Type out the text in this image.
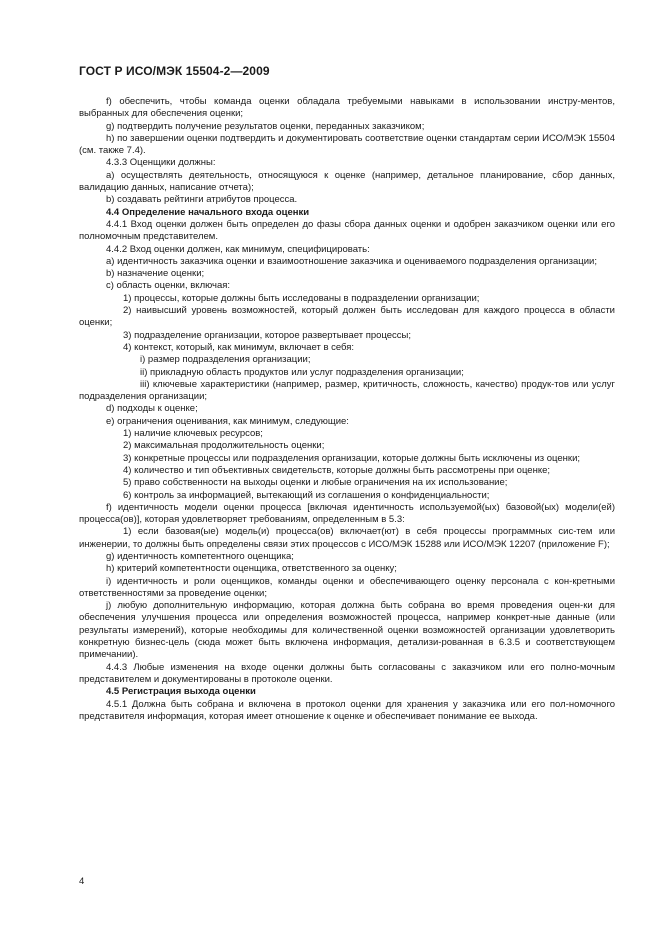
ГОСТ Р ИСО/МЭК 15504-2—2009

f) обеспечить, чтобы команда оценки обладала требуемыми навыками в использовании инстру-ментов, выбранных для обеспечения оценки;

g) подтвердить получение результатов оценки, переданных заказчиком;

h) по завершении оценки подтвердить и документировать соответствие оценки стандартам серии ИСО/МЭК 15504 (см. также 7.4).

4.3.3 Оценщики должны:

a) осуществлять деятельность, относящуюся к оценке (например, детальное планирование, сбор данных, валидацию данных, написание отчета);

b) создавать рейтинги атрибутов процесса.

4.4 Определение начального входа оценки

4.4.1 Вход оценки должен быть определен до фазы сбора данных оценки и одобрен заказчиком оценки или его полномочным представителем.

4.4.2 Вход оценки должен, как минимум, специфицировать:

a) идентичность заказчика оценки и взаимоотношение заказчика и оцениваемого подразделения организации;

b) назначение оценки;

c) область оценки, включая:

1) процессы, которые должны быть исследованы в подразделении организации;

2) наивысший уровень возможностей, который должен быть исследован для каждого процесса в области оценки;

3) подразделение организации, которое развертывает процессы;

4) контекст, который, как минимум, включает в себя:

i) размер подразделения организации;

ii) прикладную область продуктов или услуг подразделения организации;

iii) ключевые характеристики (например, размер, критичность, сложность, качество) продук-тов или услуг подразделения организации;

d) подходы к оценке;

e) ограничения оценивания, как минимум, следующие:

1) наличие ключевых ресурсов;

2) максимальная продолжительность оценки;

3) конкретные процессы или подразделения организации, которые должны быть исключены из оценки;

4) количество и тип объективных свидетельств, которые должны быть рассмотрены при оценке;

5) право собственности на выходы оценки и любые ограничения на их использование;

6) контроль за информацией, вытекающий из соглашения о конфиденциальности;

f) идентичность модели оценки процесса [включая идентичность используемой(ых) базовой(ых) модели(ей) процесса(ов)], которая удовлетворяет требованиям, определенным в 5.3:

1) если базовая(ые) модель(и) процесса(ов) включает(ют) в себя процессы программных сис-тем или инженерии, то должны быть определены связи этих процессов с ИСО/МЭК 15288 или ИСО/МЭК 12207 (приложение F);

g) идентичность компетентного оценщика;

h) критерий компетентности оценщика, ответственного за оценку;

i) идентичность и роли оценщиков, команды оценки и обеспечивающего оценку персонала с кон-кретными ответственностями за проведение оценки;

j) любую дополнительную информацию, которая должна быть собрана во время проведения оцен-ки для обеспечения улучшения процесса или определения возможностей процесса, например конкрет-ные данные (или результаты измерений), которые необходимы для количественной оценки возможностей организации удовлетворить конкретную бизнес-цель (сюда может быть включена информация, детализи-рованная в 6.3.5 и соответствующем примечании).

4.4.3 Любые изменения на входе оценки должны быть согласованы с заказчиком или его полно-мочным представителем и документированы в протоколе оценки.

4.5 Регистрация выхода оценки

4.5.1 Должна быть собрана и включена в протокол оценки для хранения у заказчика или его пол-номочного представителя информация, которая имеет отношение к оценке и обеспечивает понимание ее выхода.

4
